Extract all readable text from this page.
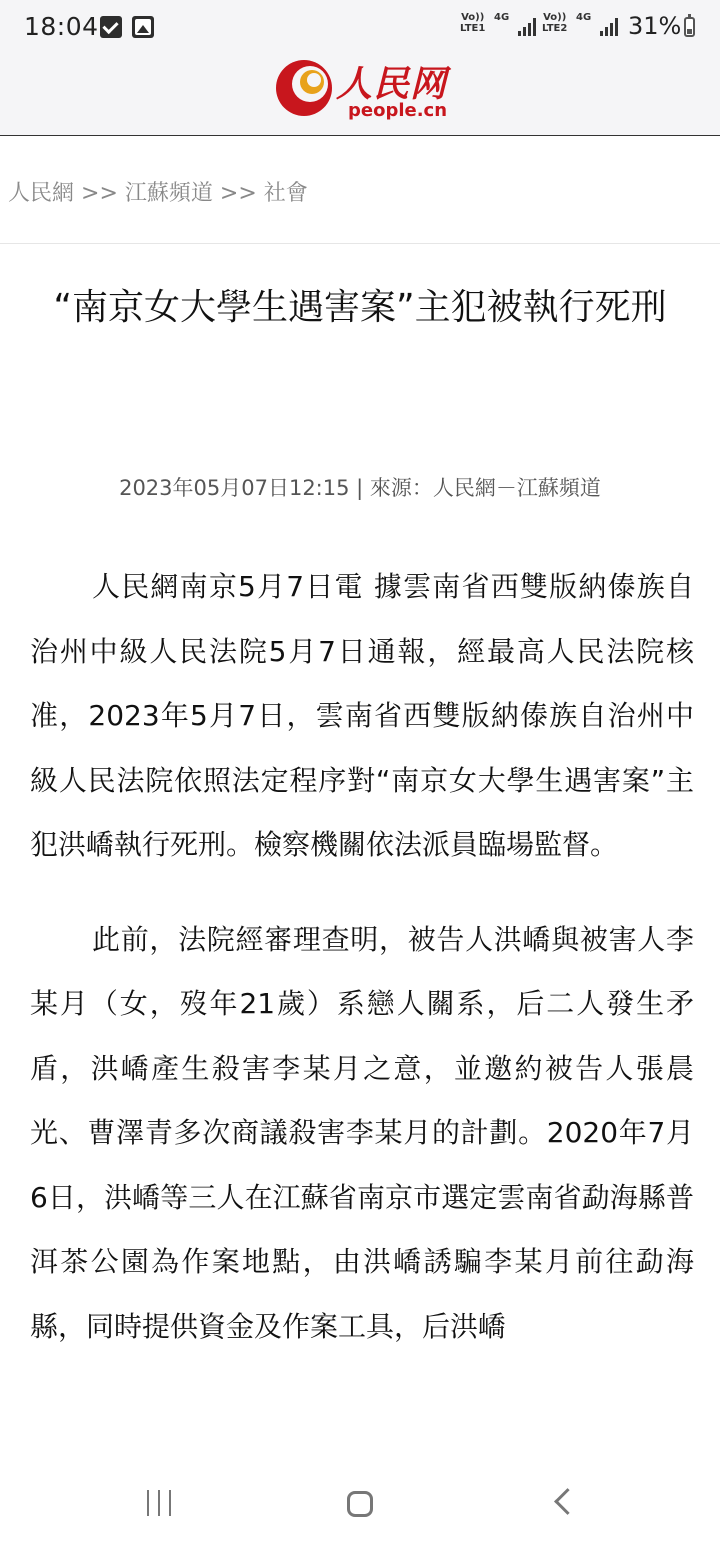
18:04	Vo))
LTE1
4G	Vo))
LTE2
4G 31%
人民网
people.cn
人民網 >> 江蘇頻道 >> 社會
“南京女大學生遇害案”主犯被執行死刑
2023年05月07日12:15 | 來源：人民網－江蘇頻道

人民網南京5月7日電 據雲南省西雙版納傣族自治州中級人民法院5月7日通報，經最高人民法院核准，2023年5月7日，雲南省西雙版納傣族自治州中級人民法院依照法定程序對“南京女大學生遇害案”主犯洪嶠執行死刑。檢察機關依法派員臨場監督。

此前，法院經審理查明，被告人洪嶠與被害人李某月（女，歿年21歲）系戀人關系，后二人發生矛盾，洪嶠產生殺害李某月之意，並邀約被告人張晨光、曹澤青多次商議殺害李某月的計劃。2020年7月6日，洪嶠等三人在江蘇省南京市選定雲南省勐海縣普洱茶公園為作案地點，由洪嶠誘騙李某月前往勐海縣，同時提供資金及作案工具，后洪嶠
